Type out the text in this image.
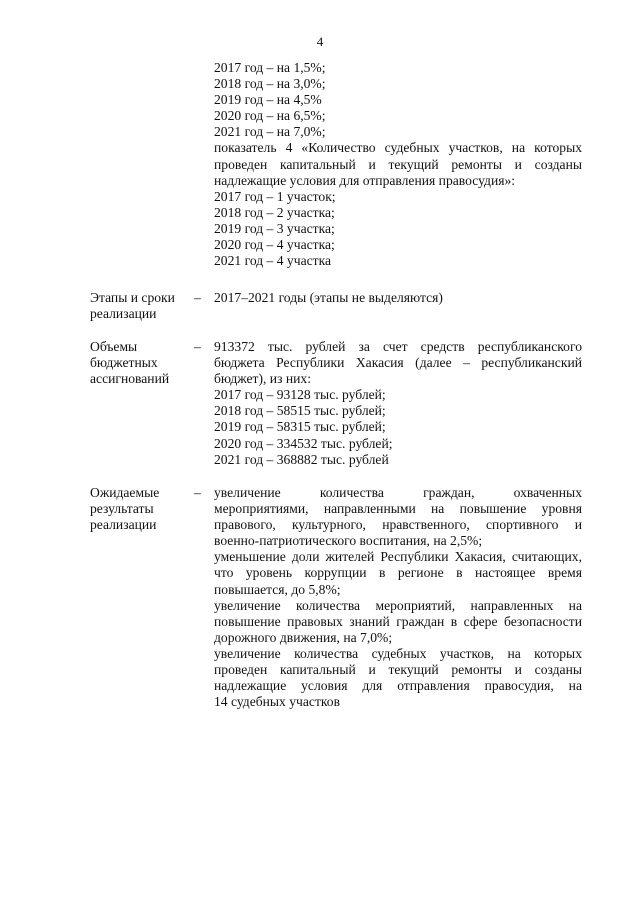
4
2017 год – на 1,5%;
2018 год – на 3,0%;
2019 год – на 4,5%
2020 год – на 6,5%;
2021 год – на 7,0%;
показатель 4 «Количество судебных участков, на которых
проведен капитальный и текущий ремонты и созданы
надлежащие условия для отправления правосудия»:
2017 год – 1 участок;
2018 год – 2 участка;
2019 год – 3 участка;
2020 год – 4 участка;
2021 год – 4 участка
Этапы и сроки
реализации
– 2017–2021 годы (этапы не выделяются)
Объемы
бюджетных
ассигнований
– 913372 тыс. рублей за счет средств республиканского
бюджета Республики Хакасия (далее – республиканский
бюджет), из них:
2017 год – 93128 тыс. рублей;
2018 год – 58515 тыс. рублей;
2019 год – 58315 тыс. рублей;
2020 год – 334532 тыс. рублей;
2021 год – 368882 тыс. рублей
Ожидаемые
результаты
реализации
– увеличение количества граждан, охваченных
мероприятиями, направленными на повышение уровня
правового, культурного, нравственного, спортивного и
военно-патриотического воспитания, на 2,5%;
уменьшение доли жителей Республики Хакасия, считающих,
что уровень коррупции в регионе в настоящее время
повышается, до 5,8%;
увеличение количества мероприятий, направленных на
повышение правовых знаний граждан в сфере безопасности
дорожного движения, на 7,0%;
увеличение количества судебных участков, на которых
проведен капитальный и текущий ремонты и созданы
надлежащие условия для отправления правосудия, на
14 судебных участков
